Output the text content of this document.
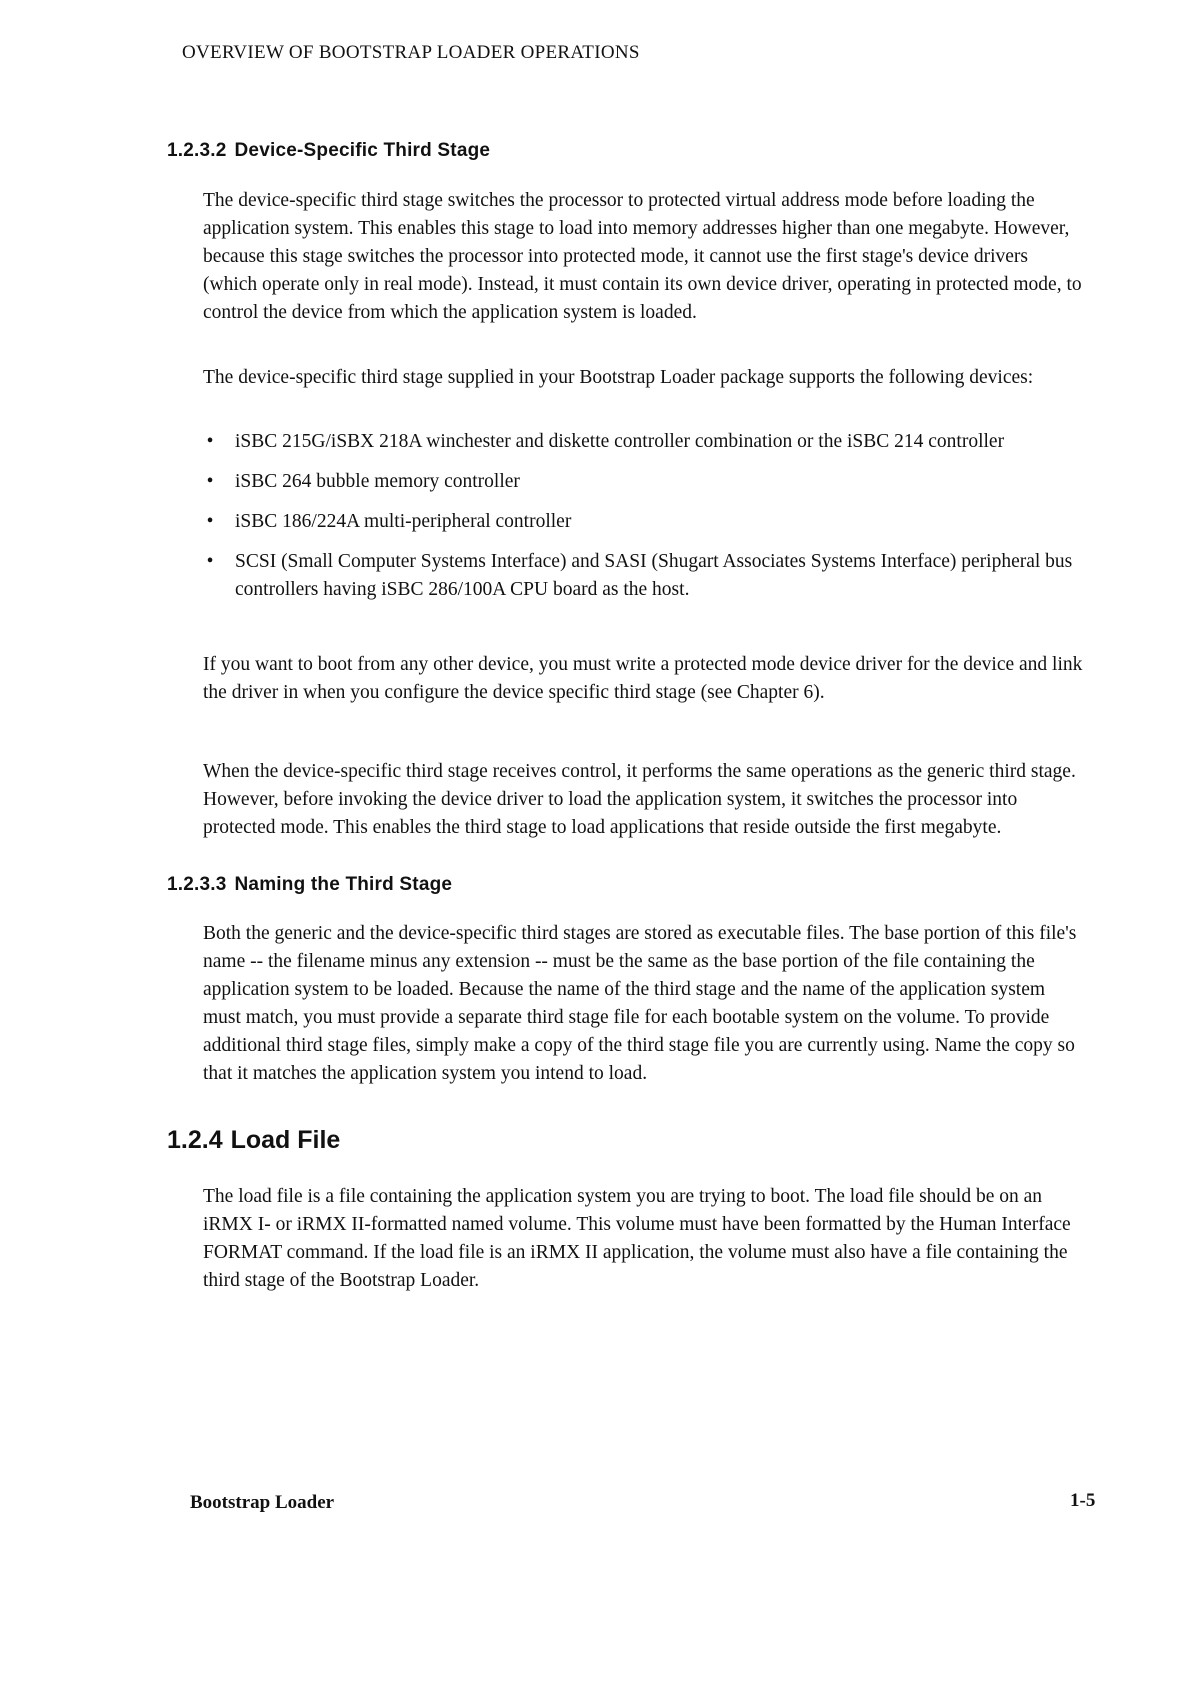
OVERVIEW OF BOOTSTRAP LOADER OPERATIONS
1.2.3.2 Device-Specific Third Stage

The device-specific third stage switches the processor to protected virtual address mode before loading the application system. This enables this stage to load into memory addresses higher than one megabyte. However, because this stage switches the processor into protected mode, it cannot use the first stage's device drivers (which operate only in real mode). Instead, it must contain its own device driver, operating in protected mode, to control the device from which the application system is loaded.

The device-specific third stage supplied in your Bootstrap Loader package supports the following devices:

• iSBC 215G/iSBX 218A winchester and diskette controller combination or the iSBC 214 controller
• iSBC 264 bubble memory controller
• iSBC 186/224A multi-peripheral controller
• SCSI (Small Computer Systems Interface) and SASI (Shugart Associates Systems Interface) peripheral bus controllers having iSBC 286/100A CPU board as the host.

If you want to boot from any other device, you must write a protected mode device driver for the device and link the driver in when you configure the device specific third stage (see Chapter 6).

When the device-specific third stage receives control, it performs the same operations as the generic third stage. However, before invoking the device driver to load the application system, it switches the processor into protected mode. This enables the third stage to load applications that reside outside the first megabyte.

1.2.3.3 Naming the Third Stage

Both the generic and the device-specific third stages are stored as executable files. The base portion of this file's name -- the filename minus any extension -- must be the same as the base portion of the file containing the application system to be loaded. Because the name of the third stage and the name of the application system must match, you must provide a separate third stage file for each bootable system on the volume. To provide additional third stage files, simply make a copy of the third stage file you are currently using. Name the copy so that it matches the application system you intend to load.

1.2.4 Load File

The load file is a file containing the application system you are trying to boot. The load file should be on an iRMX I- or iRMX II-formatted named volume. This volume must have been formatted by the Human Interface FORMAT command. If the load file is an iRMX II application, the volume must also have a file containing the third stage of the Bootstrap Loader.

Bootstrap Loader	1-5
